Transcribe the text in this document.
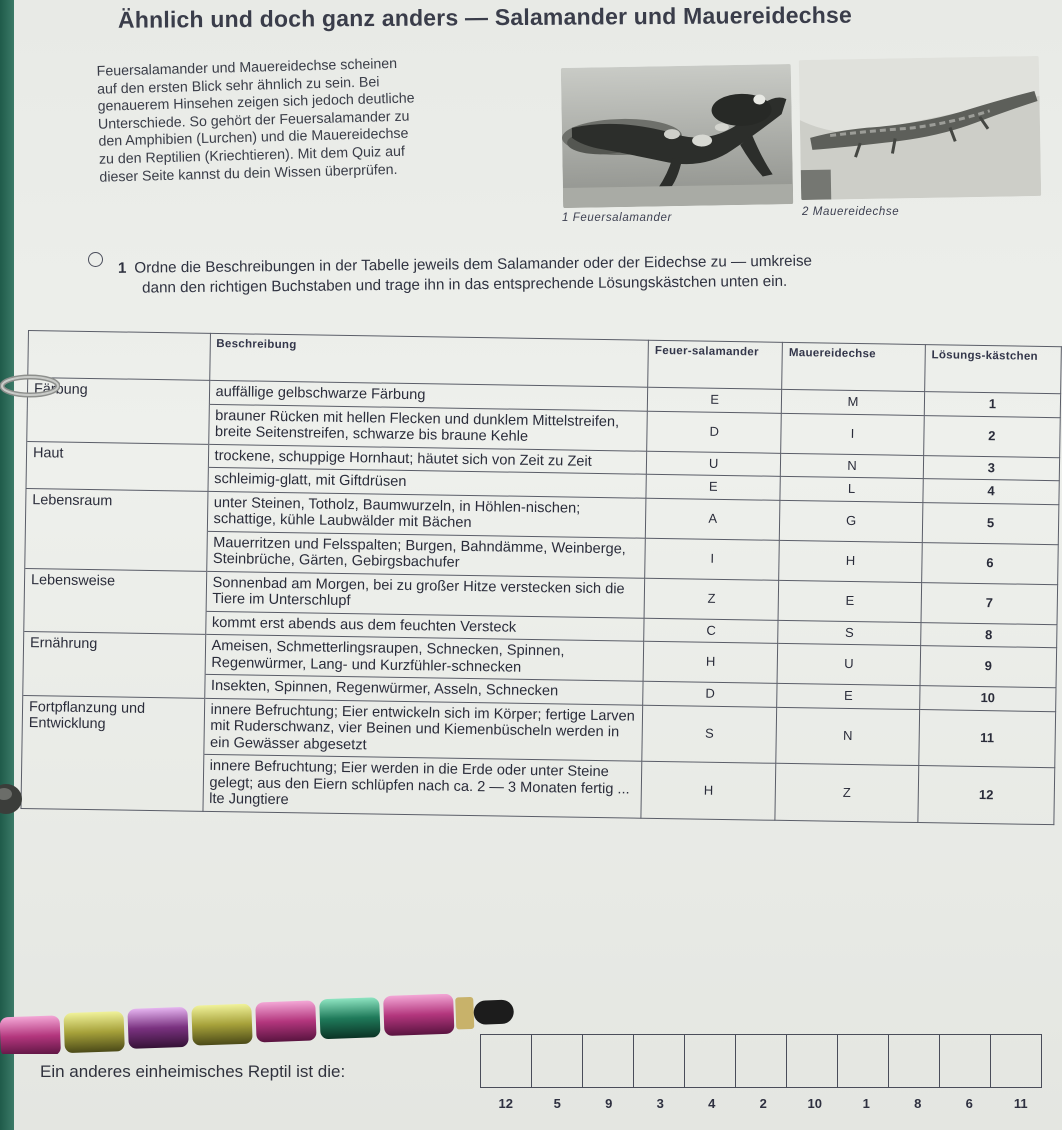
Ähnlich und doch ganz anders — Salamander und Mauereidechse
Feuersalamander und Mauereidechse scheinen
auf den ersten Blick sehr ähnlich zu sein. Bei
genauerem Hinsehen zeigen sich jedoch deutliche
Unterschiede. So gehört der Feuersalamander zu
den Amphibien (Lurchen) und die Mauereidechse
zu den Reptilien (Kriechtieren). Mit dem Quiz auf
dieser Seite kannst du dein Wissen überprüfen.
1 Feuersalamander	2 Mauereidechse
1 Ordne die Beschreibungen in der Tabelle jeweils dem Salamander oder der Eidechse zu — umkreise
dann den richtigen Buchstaben und trage ihn in das entsprechende Lösungskästchen unten ein.
	Beschreibung	Feuer-salamander	Mauereidechse	Lösungs-kästchen
Färbung	auffällige gelbschwarze Färbung	E	M	1
	brauner Rücken mit hellen Flecken und dunklem Mittelstreifen, breite Seitenstreifen, schwarze bis braune Kehle	D	I	2
Haut	trockene, schuppige Hornhaut; häutet sich von Zeit zu Zeit	U	N	3
	schleimig-glatt, mit Giftdrüsen	E	L	4
Lebensraum	unter Steinen, Totholz, Baumwurzeln, in Höhlen-nischen; schattige, kühle Laubwälder mit Bächen	A	G	5
	Mauerritzen und Felsspalten; Burgen, Bahndämme, Weinberge, Steinbrüche, Gärten, Gebirgsbachufer	I	H	6
Lebensweise	Sonnenbad am Morgen, bei zu großer Hitze verstecken sich die Tiere im Unterschlupf	Z	E	7
	kommt erst abends aus dem feuchten Versteck	C	S	8
Ernährung	Ameisen, Schmetterlingsraupen, Schnecken, Spinnen, Regenwürmer, Lang- und Kurzfühler-schnecken	H	U	9
	Insekten, Spinnen, Regenwürmer, Asseln, Schnecken	D	E	10
Fortpflanzung und Entwicklung	innere Befruchtung; Eier entwickeln sich im Körper; fertige Larven mit Ruderschwanz, vier Beinen und Kiemenbüscheln werden in ein Gewässer abgesetzt	S	N	11
	innere Befruchtung; Eier werden in die Erde oder unter Steine gelegt; aus den Eiern schlüpfen nach ca. 2 — 3 Monaten fertig ... lte Jungtiere	H	Z	12
Ein anderes einheimisches Reptil ist die:
12	5	9	3	4	2	10	1	8	6	11
